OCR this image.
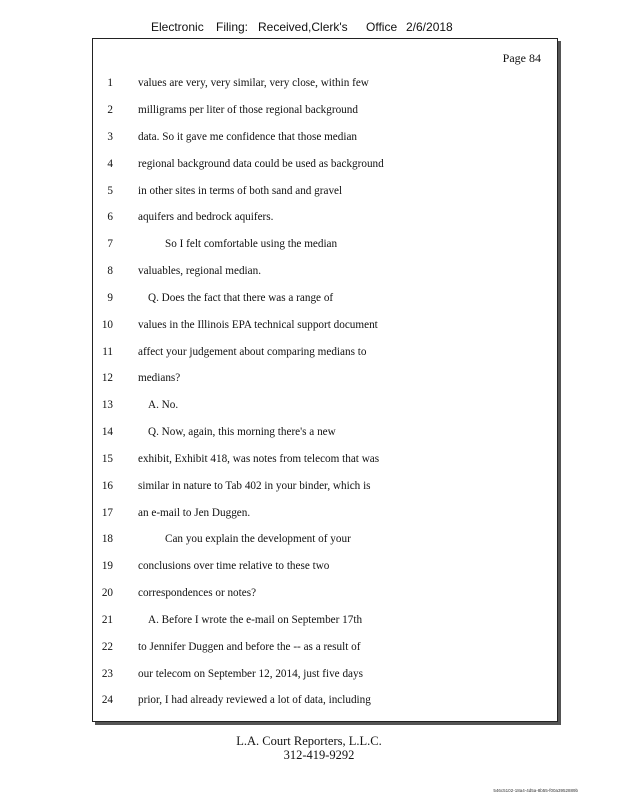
Electronic Filing: Received,Clerk's Office 2/6/2018
Page 84
1 values are very, very similar, very close, within few
2 milligrams per liter of those regional background
3 data. So it gave me confidence that those median
4 regional background data could be used as background
5 in other sites in terms of both sand and gravel
6 aquifers and bedrock aquifers.
7	So I felt comfortable using the median
8 valuables, regional median.
9	Q. Does the fact that there was a range of
10 values in the Illinois EPA technical support document
11 affect your judgement about comparing medians to
12 medians?
13	A. No.
14	Q. Now, again, this morning there's a new
15 exhibit, Exhibit 418, was notes from telecom that was
16 similar in nature to Tab 402 in your binder, which is
17 an e-mail to Jen Duggen.
18	Can you explain the development of your
19 conclusions over time relative to these two
20 correspondences or notes?
21	A. Before I wrote the e-mail on September 17th
22 to Jennifer Duggen and before the -- as a result of
23 our telecom on September 12, 2014, just five days
24 prior, I had already reviewed a lot of data, including
L.A. Court Reporters, L.L.C.
312-419-9292
546c5102-18a4-4d5a-8b55-f00a3952889b
